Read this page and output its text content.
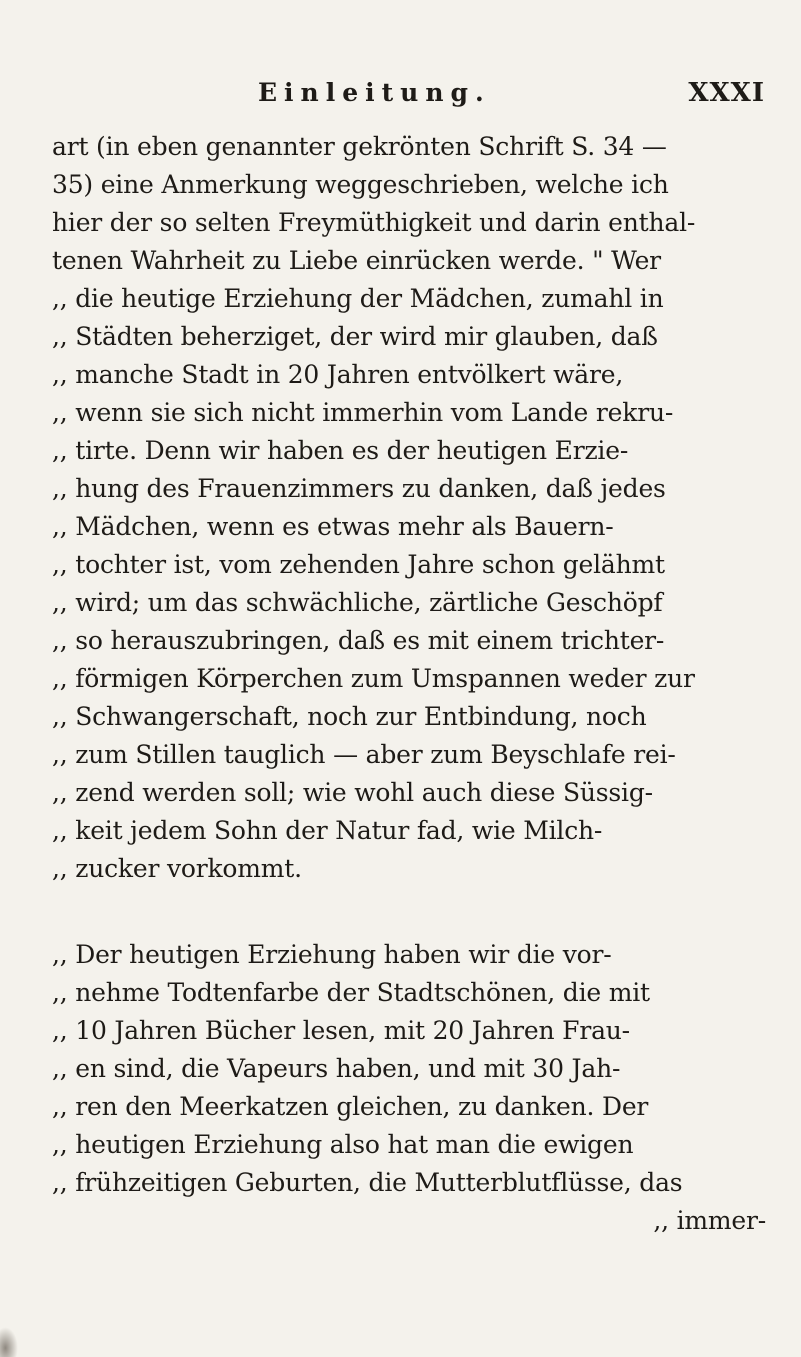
Einleitung.	XXXI
art (in eben genannter gekrönten Schrift S. 34 —
35) eine Anmerkung weggeschrieben, welche ich
hier der so selten Freymüthigkeit und darin enthal-
tenen Wahrheit zu Liebe einrücken werde. " Wer
,, die heutige Erziehung der Mädchen, zumahl in
,, Städten beherziget, der wird mir glauben, daß
,, manche Stadt in 20 Jahren entvölkert wäre,
,, wenn sie sich nicht immerhin vom Lande rekru-
,, tirte. Denn wir haben es der heutigen Erzie-
,, hung des Frauenzimmers zu danken, daß jedes
,, Mädchen, wenn es etwas mehr als Bauern-
,, tochter ist, vom zehenden Jahre schon gelähmt
,, wird; um das schwächliche, zärtliche Geschöpf
,, so herauszubringen, daß es mit einem trichter-
,, förmigen Körperchen zum Umspannen weder zur
,, Schwangerschaft, noch zur Entbindung, noch
,, zum Stillen tauglich — aber zum Beyschlafe rei-
,, zend werden soll; wie wohl auch diese Süssig-
,, keit jedem Sohn der Natur fad, wie Milch-
,, zucker vorkommt.
,, Der heutigen Erziehung haben wir die vor-
,, nehme Todtenfarbe der Stadtschönen, die mit
,, 10 Jahren Bücher lesen, mit 20 Jahren Frau-
,, en sind, die Vapeurs haben, und mit 30 Jah-
,, ren den Meerkatzen gleichen, zu danken. Der
,, heutigen Erziehung also hat man die ewigen
,, frühzeitigen Geburten, die Mutterblutflüsse, das
,, immer-
